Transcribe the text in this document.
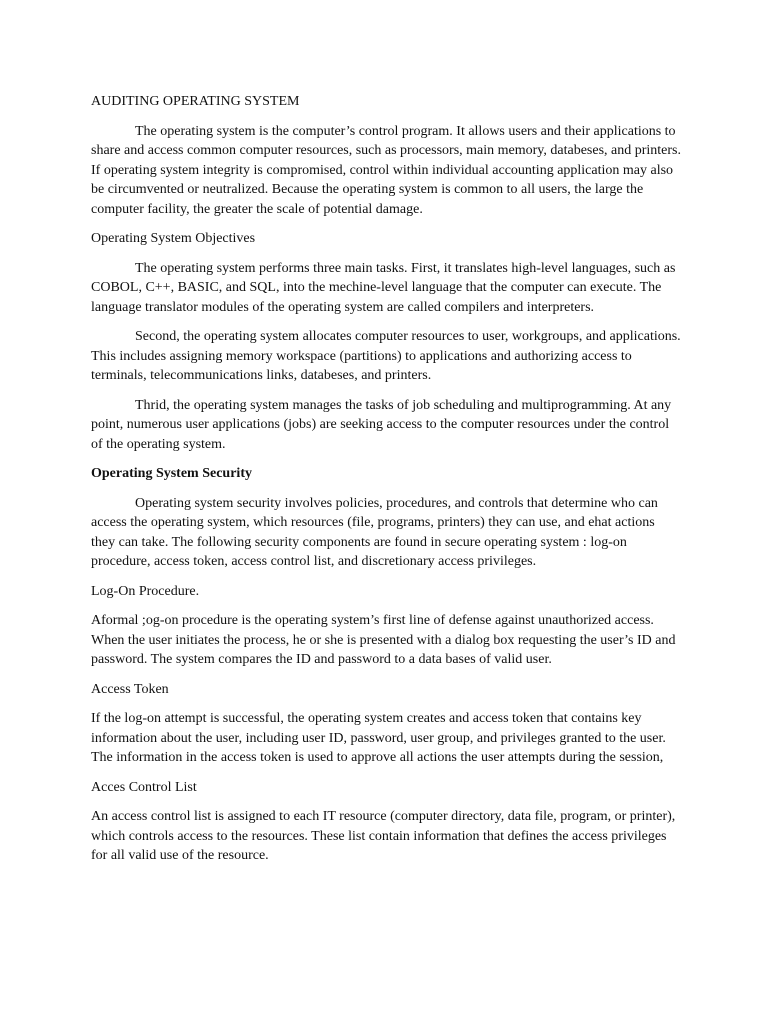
AUDITING OPERATING SYSTEM

The operating system is the computer’s control program. It allows users and their applications to share and access common computer resources, such as processors, main memory, databeses, and printers. If operating system integrity is compromised, control within individual accounting application may also be circumvented or neutralized. Because the operating system is common to all users, the large the computer facility, the greater the scale of potential damage.

Operating System Objectives

The operating system performs three main tasks. First, it translates high-level languages, such as COBOL, C++, BASIC, and SQL, into the mechine-level language that the computer can execute. The language translator modules of the operating system are called compilers and interpreters.

Second, the operating system allocates computer resources to user, workgroups, and applications. This includes assigning memory workspace (partitions) to applications and authorizing access to terminals, telecommunications links, databeses, and printers.

Thrid, the operating system manages the tasks of job scheduling and multiprogramming. At any point, numerous user applications (jobs) are seeking access to the computer resources under the control of the operating system.

Operating System Security

Operating system security involves policies, procedures, and controls that determine who can access the operating system, which resources (file, programs, printers) they can use, and ehat actions they can take. The following security components are found in secure operating system : log-on procedure, access token, access control list, and discretionary access privileges.

Log-On Procedure.

Aformal ;og-on procedure is the operating system’s first line of defense against unauthorized access. When the user initiates the process, he or she is presented with a dialog box requesting the user’s ID and password. The system compares the ID and password to a data bases of valid user.

Access Token

If the log-on attempt is successful, the operating system creates and access token that contains key information about the user, including user ID, password, user group, and privileges granted to the user. The information in the access token is used to approve all actions the user attempts during the session,

Acces Control List

An access control list is assigned to each IT resource (computer directory, data file, program, or printer), which controls access to the resources. These list contain information that defines the access privileges for all valid use of the resource.
